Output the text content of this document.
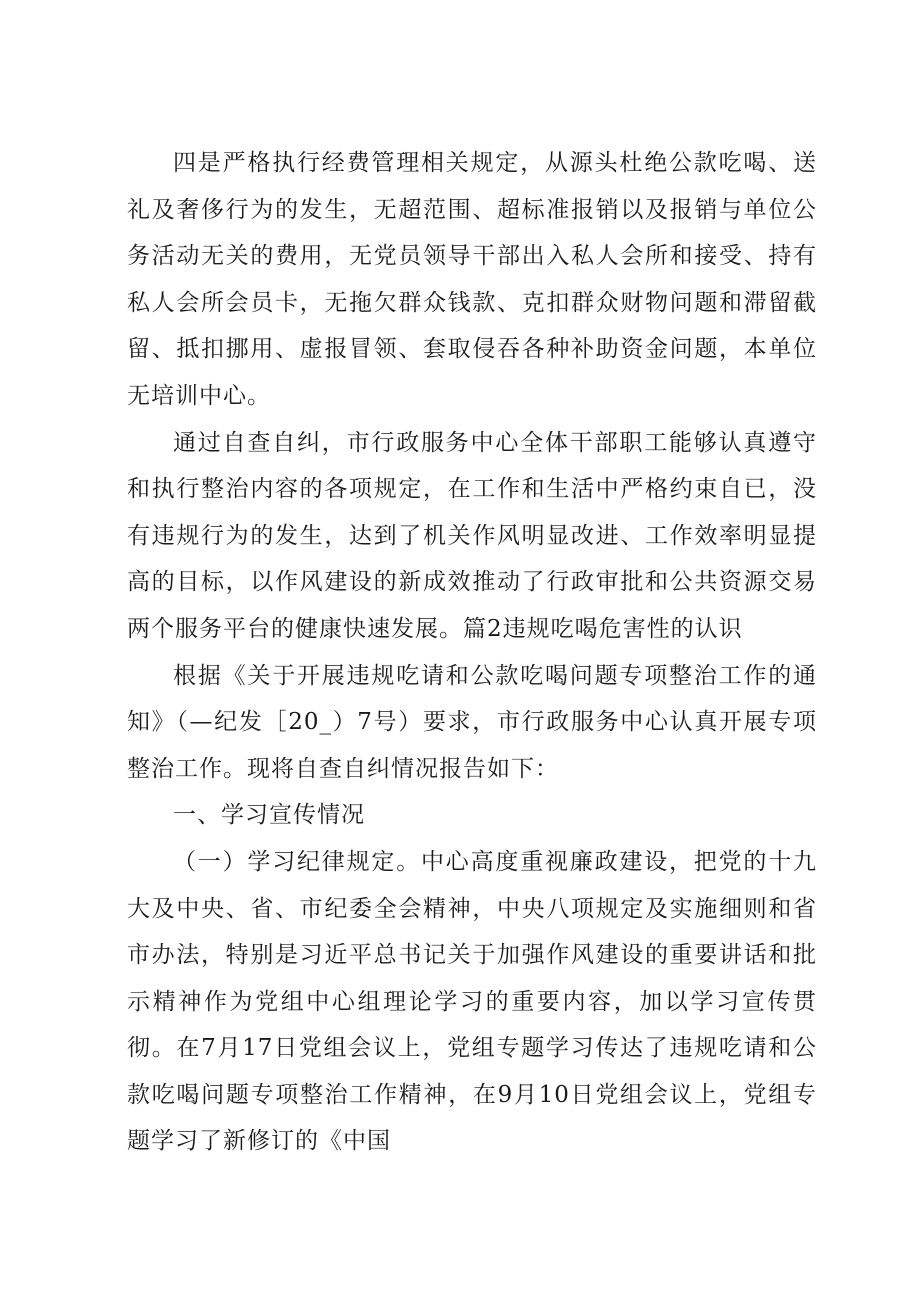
四是严格执行经费管理相关规定，从源头杜绝公款吃喝、送礼及奢侈行为的发生，无超范围、超标准报销以及报销与单位公务活动无关的费用，无党员领导干部出入私人会所和接受、持有私人会所会员卡，无拖欠群众钱款、克扣群众财物问题和滞留截留、抵扣挪用、虚报冒领、套取侵吞各种补助资金问题，本单位无培训中心。

通过自查自纠，市行政服务中心全体干部职工能够认真遵守和执行整治内容的各项规定，在工作和生活中严格约束自已，没有违规行为的发生，达到了机关作风明显改进、工作效率明显提高的目标，以作风建设的新成效推动了行政审批和公共资源交易两个服务平台的健康快速发展。篇2违规吃喝危害性的认识

根据《关于开展违规吃请和公款吃喝问题专项整治工作的通知》（—纪发［20_）7号）要求，市行政服务中心认真开展专项整治工作。现将自查自纠情况报告如下：

一、学习宣传情况

（一）学习纪律规定。中心高度重视廉政建设，把党的十九大及中央、省、市纪委全会精神，中央八项规定及实施细则和省市办法，特别是习近平总书记关于加强作风建设的重要讲话和批示精神作为党组中心组理论学习的重要内容，加以学习宣传贯彻。在7月17日党组会议上，党组专题学习传达了违规吃请和公款吃喝问题专项整治工作精神，在9月10日党组会议上，党组专题学习了新修订的《中国
